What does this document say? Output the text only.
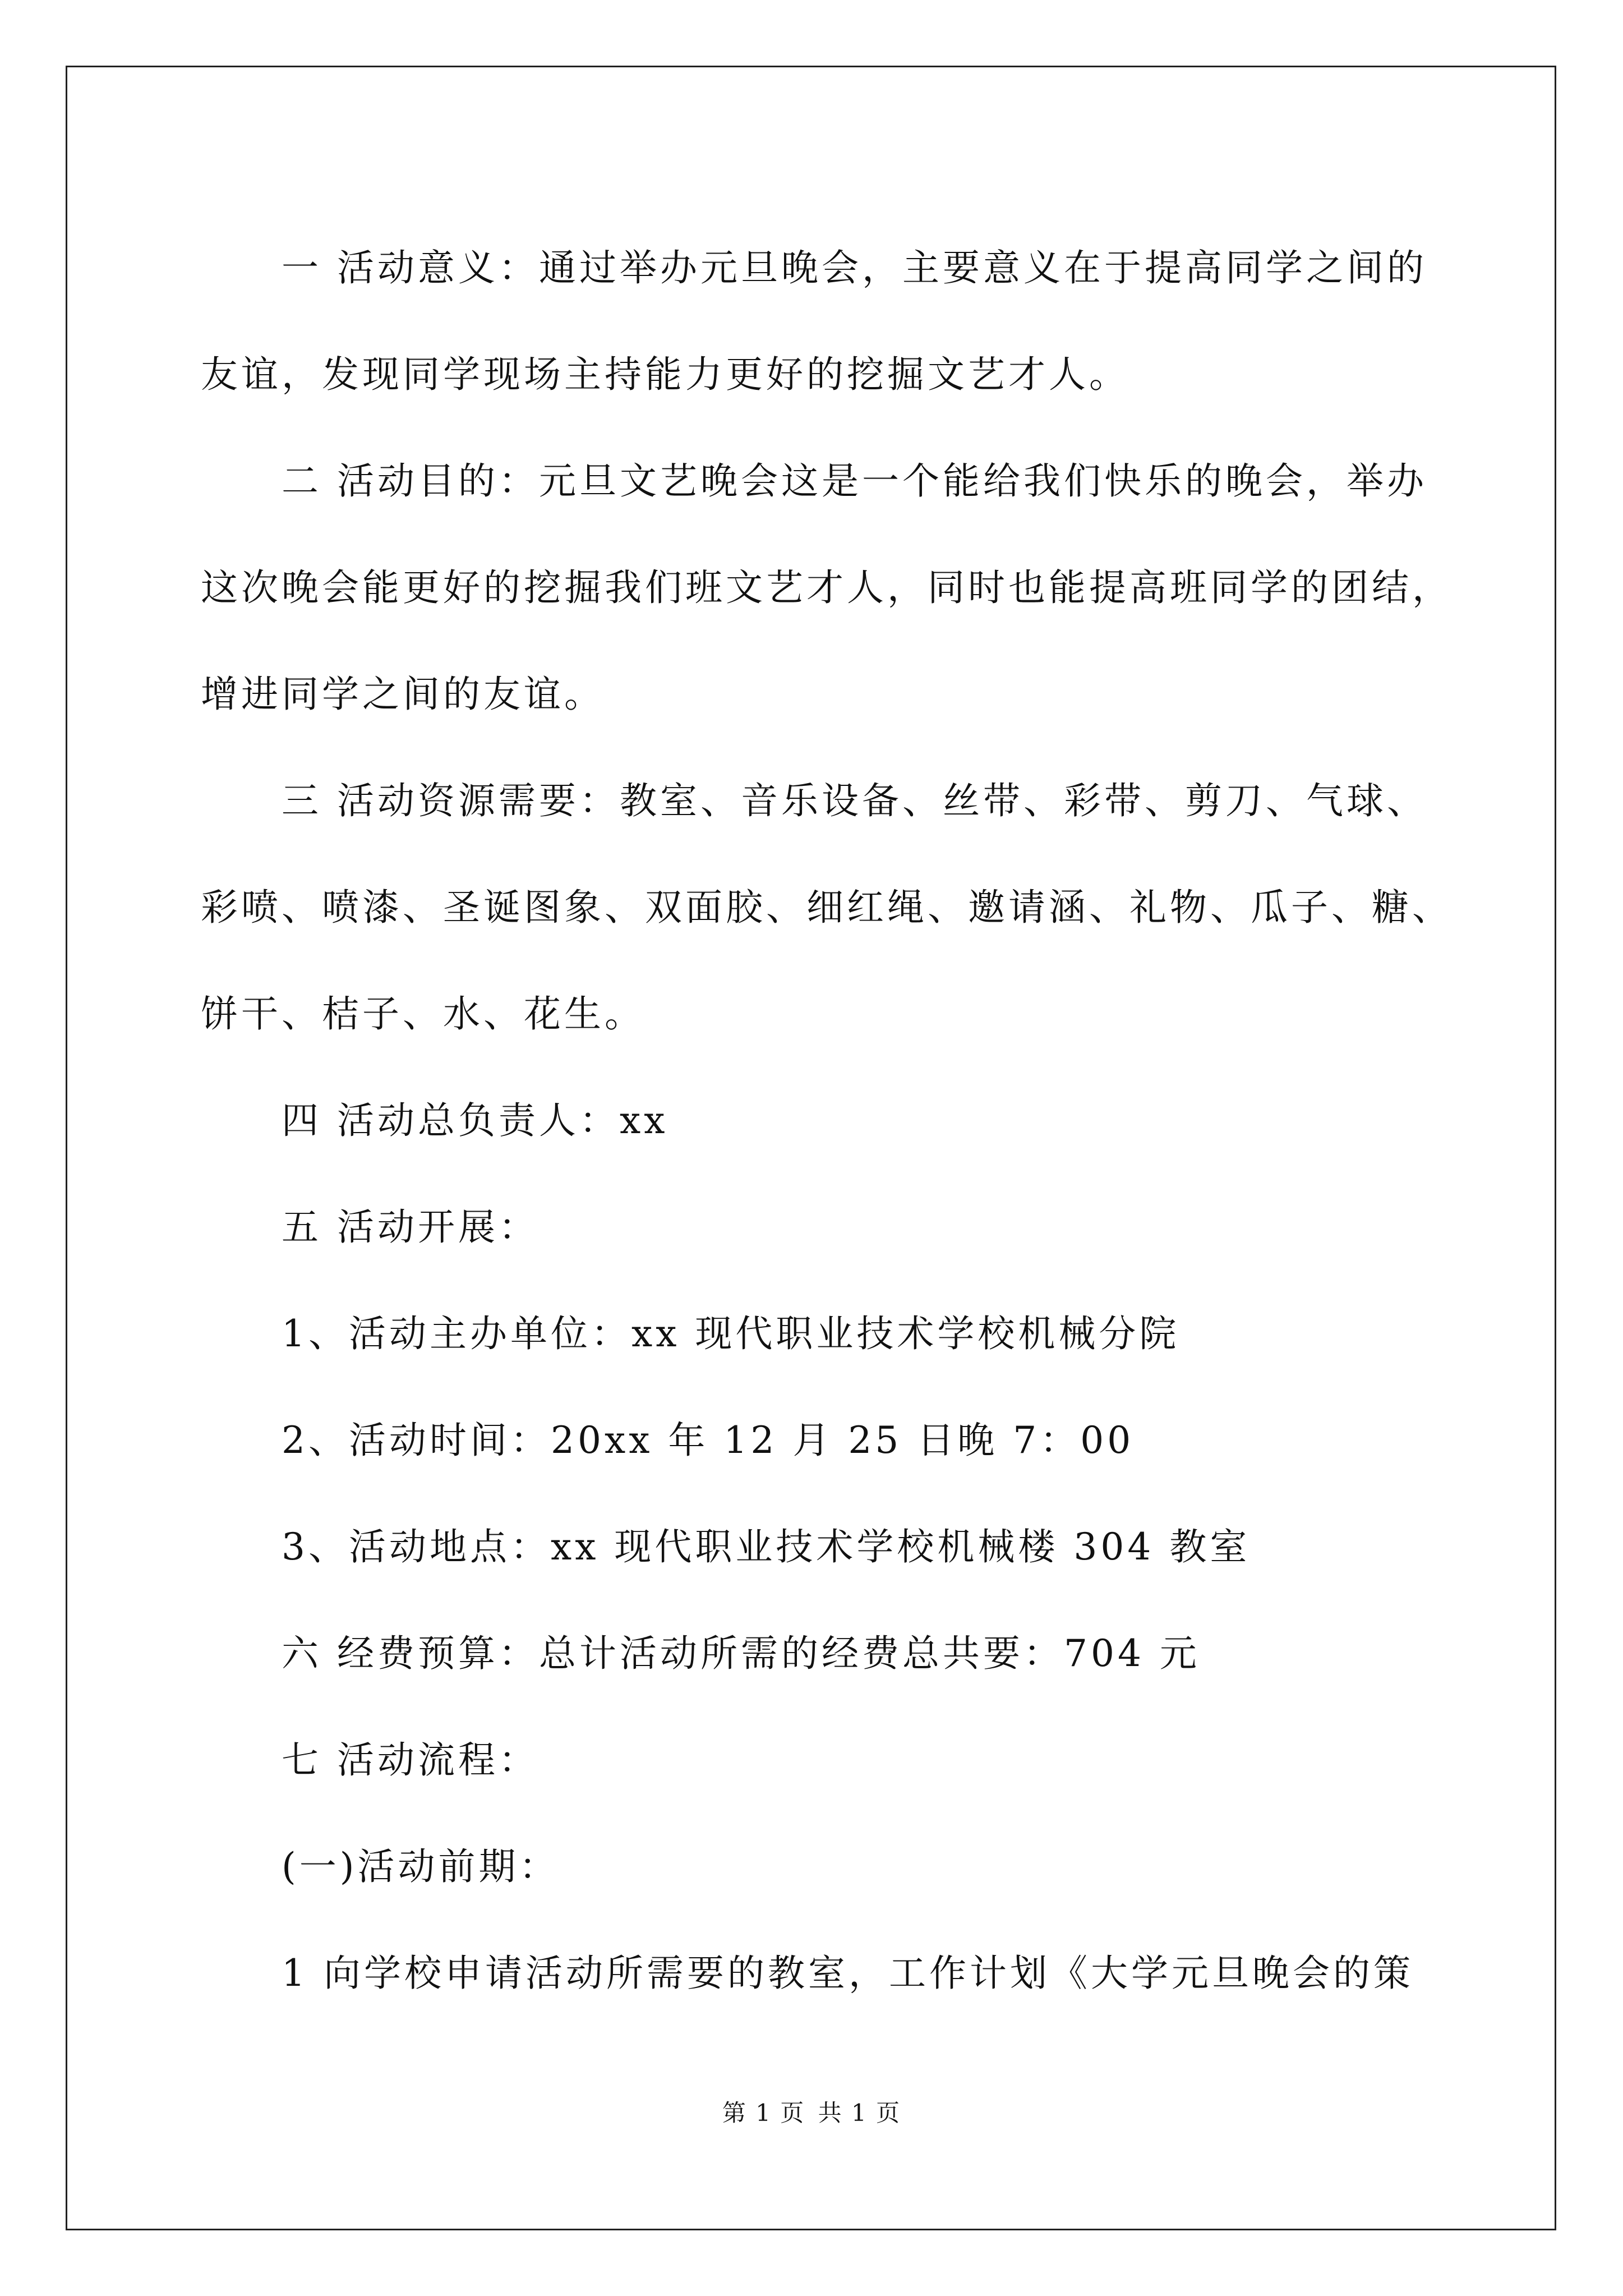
一 活动意义：通过举办元旦晚会，主要意义在于提高同学之间的

友谊，发现同学现场主持能力更好的挖掘文艺才人。

二 活动目的：元旦文艺晚会这是一个能给我们快乐的晚会，举办

这次晚会能更好的挖掘我们班文艺才人，同时也能提高班同学的团结，

增进同学之间的友谊。

三 活动资源需要：教室、音乐设备、丝带、彩带、剪刀、气球、

彩喷、喷漆、圣诞图象、双面胶、细红绳、邀请涵、礼物、瓜子、糖、

饼干、桔子、水、花生。

四 活动总负责人：xx

五 活动开展：

1、活动主办单位：xx 现代职业技术学校机械分院

2、活动时间：20xx 年 12 月 25 日晚 7：00

3、活动地点：xx 现代职业技术学校机械楼 304 教室

六 经费预算：总计活动所需的经费总共要：704 元

七 活动流程：

(一)活动前期：

1 向学校申请活动所需要的教室，工作计划《大学元旦晚会的策

第 1 页 共 1 页
